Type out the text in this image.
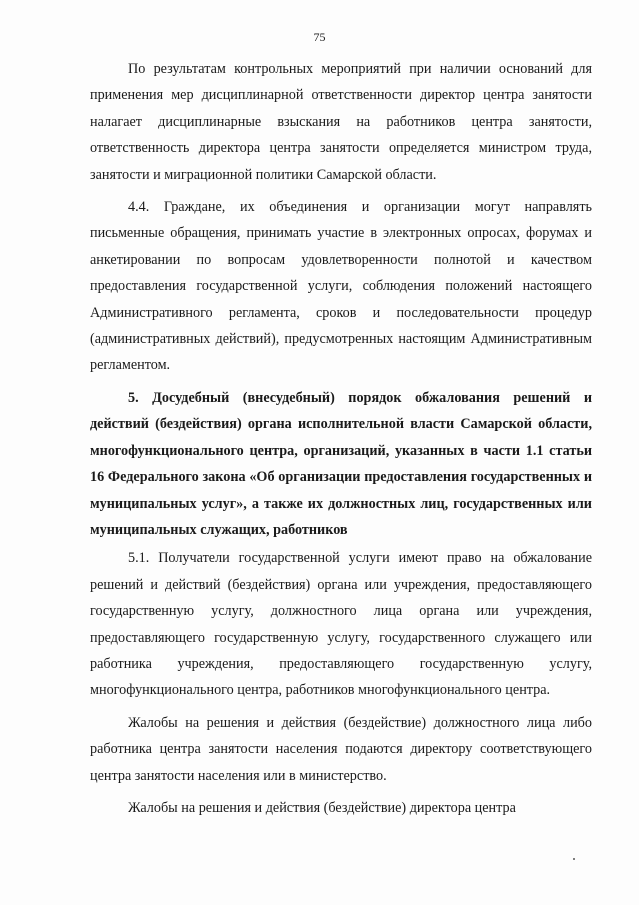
75

По результатам контрольных мероприятий при наличии оснований для применения мер дисциплинарной ответственности директор центра занятости налагает дисциплинарные взыскания на работников центра занятости, ответственность директора центра занятости определяется министром труда, занятости и миграционной политики Самарской области.

4.4. Граждане, их объединения и организации могут направлять письменные обращения, принимать участие в электронных опросах, форумах и анкетировании по вопросам удовлетворенности полнотой и качеством предоставления государственной услуги, соблюдения положений настоящего Административного регламента, сроков и последовательности процедур (административных действий), предусмотренных настоящим Административным регламентом.

5. Досудебный (внесудебный) порядок обжалования решений и действий (бездействия) органа исполнительной власти Самарской области, многофункционального центра, организаций, указанных в части 1.1 статьи 16 Федерального закона «Об организации предоставления государственных и муниципальных услуг», а также их должностных лиц, государственных или муниципальных служащих, работников

5.1. Получатели государственной услуги имеют право на обжалование решений и действий (бездействия) органа или учреждения, предоставляющего государственную услугу, должностного лица органа или учреждения, предоставляющего государственную услугу, государственного служащего или работника учреждения, предоставляющего государственную услугу, многофункционального центра, работников многофункционального центра.

Жалобы на решения и действия (бездействие) должностного лица либо работника центра занятости населения подаются директору соответствующего центра занятости населения или в министерство.

Жалобы на решения и действия (бездействие) директора центра
